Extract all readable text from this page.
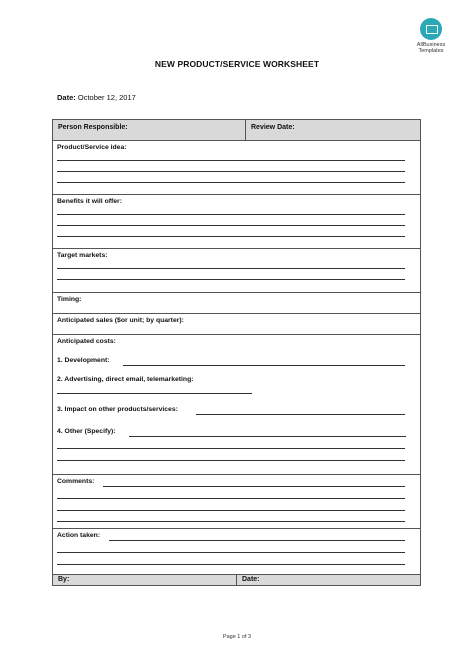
AllBusiness
Templates
NEW PRODUCT/SERVICE WORKSHEET
Date: October 12, 2017
Person Responsible:	Review Date:
Product/Service idea:
Benefits it will offer:
Target markets:
Timing:
Anticipated sales ($or unit; by quarter):
Anticipated costs:
1. Development:
2. Advertising, direct email, telemarketing:
3. Impact on other products/services:
4. Other (Specify):
Comments:
Action taken:
By:	Date:
Page 1 of 3
